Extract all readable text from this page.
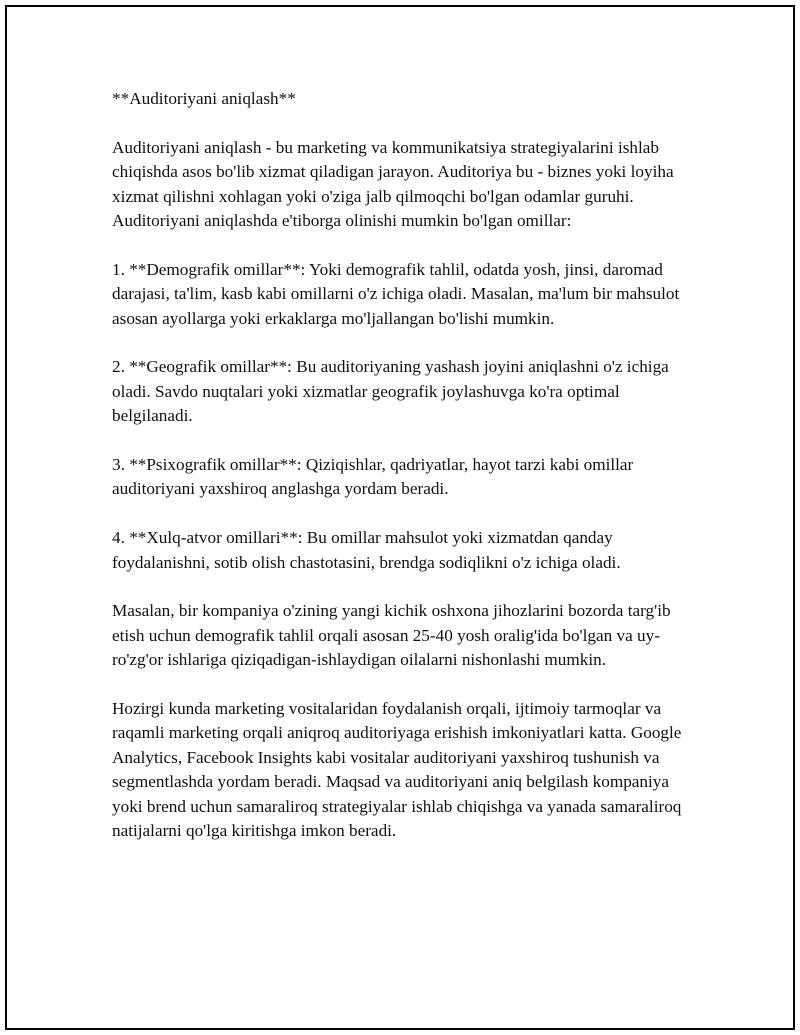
**Auditoriyani aniqlash**

Auditoriyani aniqlash - bu marketing va kommunikatsiya strategiyalarini ishlab chiqishda asos bo'lib xizmat qiladigan jarayon. Auditoriya bu - biznes yoki loyiha xizmat qilishni xohlagan yoki o'ziga jalb qilmoqchi bo'lgan odamlar guruhi. Auditoriyani aniqlashda e'tiborga olinishi mumkin bo'lgan omillar:

1. **Demografik omillar**: Yoki demografik tahlil, odatda yosh, jinsi, daromad darajasi, ta'lim, kasb kabi omillarni o'z ichiga oladi. Masalan, ma'lum bir mahsulot asosan ayollarga yoki erkaklarga mo'ljallangan bo'lishi mumkin.

2. **Geografik omillar**: Bu auditoriyaning yashash joyini aniqlashni o'z ichiga oladi. Savdo nuqtalari yoki xizmatlar geografik joylashuvga ko'ra optimal belgilanadi.

3. **Psixografik omillar**: Qiziqishlar, qadriyatlar, hayot tarzi kabi omillar auditoriyani yaxshiroq anglashga yordam beradi.

4. **Xulq-atvor omillari**: Bu omillar mahsulot yoki xizmatdan qanday foydalanishni, sotib olish chastotasini, brendga sodiqlikni o'z ichiga oladi.

Masalan, bir kompaniya o'zining yangi kichik oshxona jihozlarini bozorda targ'ib etish uchun demografik tahlil orqali asosan 25-40 yosh oralig'ida bo'lgan va uy-ro'zg'or ishlariga qiziqadigan-ishlaydigan oilalarni nishonlashi mumkin.

Hozirgi kunda marketing vositalaridan foydalanish orqali, ijtimoiy tarmoqlar va raqamli marketing orqali aniqroq auditoriyaga erishish imkoniyatlari katta. Google Analytics, Facebook Insights kabi vositalar auditoriyani yaxshiroq tushunish va segmentlashda yordam beradi. Maqsad va auditoriyani aniq belgilash kompaniya yoki brend uchun samaraliroq strategiyalar ishlab chiqishga va yanada samaraliroq natijalarni qo'lga kiritishga imkon beradi.
